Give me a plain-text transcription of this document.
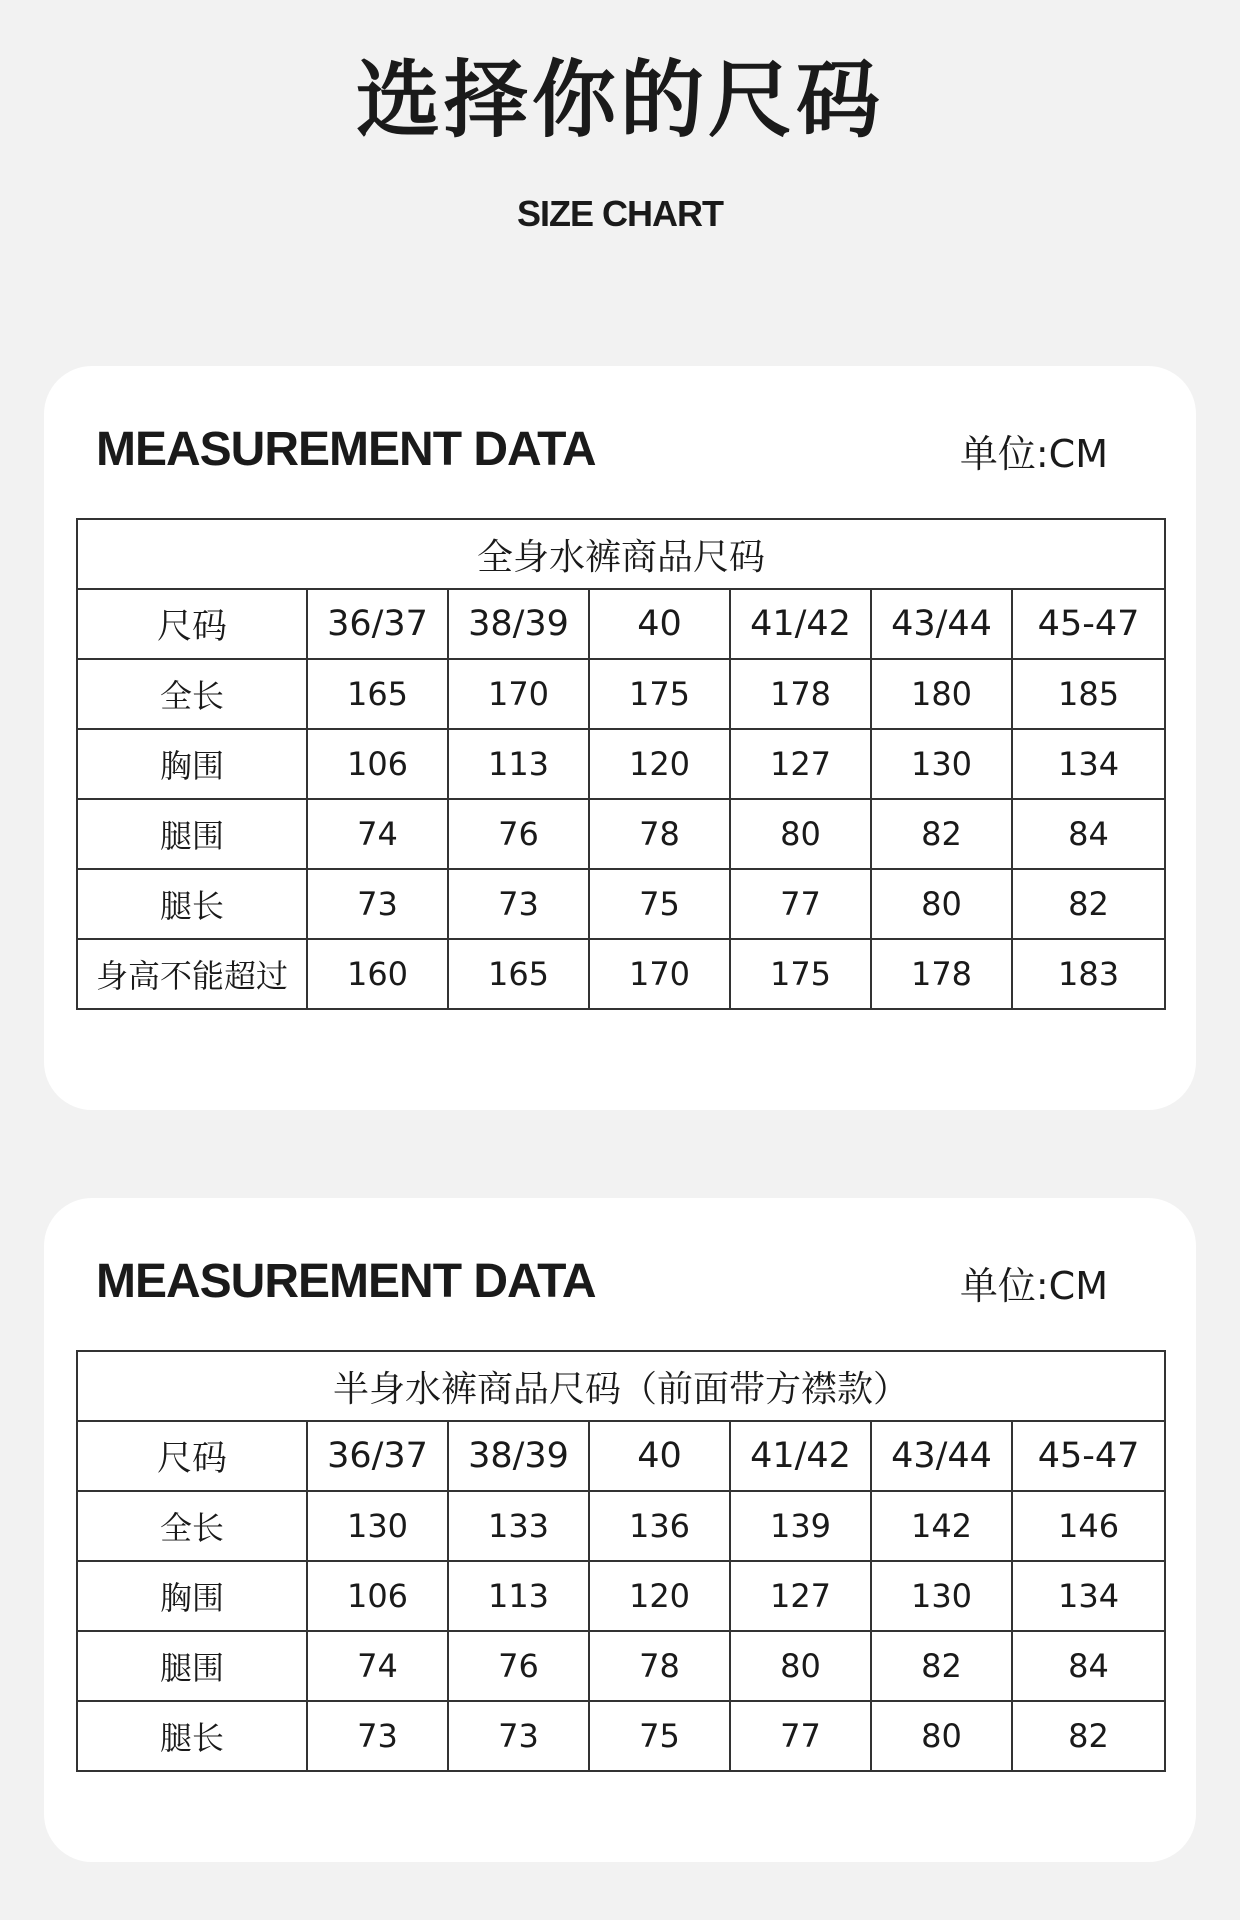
选择你的尺码
SIZE CHART
MEASUREMENT DATA	单位:CM
全身水裤商品尺码						
尺码	36/37	38/39	40	41/42	43/44	45-47
全长	165	170	175	178	180	185
胸围	106	113	120	127	130	134
腿围	74	76	78	80	82	84
腿长	73	73	75	77	80	82
身高不能超过	160	165	170	175	178	183
MEASUREMENT DATA	单位:CM
半身水裤商品尺码（前面带方襟款）						
尺码	36/37	38/39	40	41/42	43/44	45-47
全长	130	133	136	139	142	146
胸围	106	113	120	127	130	134
腿围	74	76	78	80	82	84
腿长	73	73	75	77	80	82
